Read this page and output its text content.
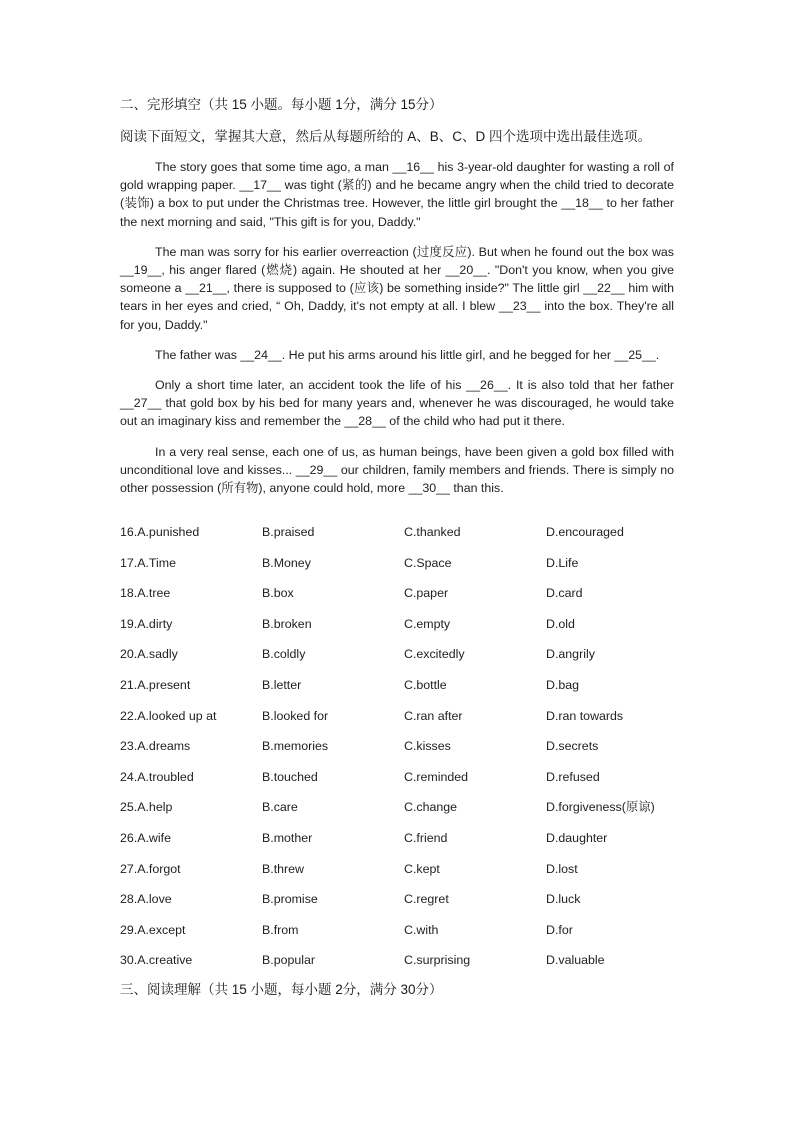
二、完形填空（共 15 小题。每小题 1分，满分 15分）
阅读下面短文，掌握其大意，然后从每题所给的 A、B、C、D 四个选项中选出最佳选项。

The story goes that some time ago, a man __16__ his 3-year-old daughter for wasting a roll of gold wrapping paper. __17__ was tight (紧的) and he became angry when the child tried to decorate (装饰) a box to put under the Christmas tree. However, the little girl brought the __18__ to her father the next morning and said, "This gift is for you, Daddy."

The man was sorry for his earlier overreaction (过度反应). But when he found out the box was __19__, his anger flared (燃烧) again. He shouted at her __20__. "Don't you know, when you give someone a __21__, there is supposed to (应该) be something inside?" The little girl __22__ him with tears in her eyes and cried, “ Oh, Daddy, it's not empty at all. I blew __23__ into the box. They're all for you, Daddy."

The father was __24__. He put his arms around his little girl, and he begged for her __25__.

Only a short time later, an accident took the life of his __26__. It is also told that her father __27__ that gold box by his bed for many years and, whenever he was discouraged, he would take out an imaginary kiss and remember the __28__ of the child who had put it there.

In a very real sense, each one of us, as human beings, have been given a gold box filled with unconditional love and kisses... __29__ our children, family members and friends. There is simply no other possession (所有物), anyone could hold, more __30__ than this.

16.A.punished	B.praised	C.thanked	D.encouraged
17.A.Time	B.Money	C.Space	D.Life
18.A.tree	B.box	C.paper	D.card
19.A.dirty	B.broken	C.empty	D.old
20.A.sadly	B.coldly	C.excitedly	D.angrily
21.A.present	B.letter	C.bottle	D.bag
22.A.looked up at	B.looked for	C.ran after	D.ran towards
23.A.dreams	B.memories	C.kisses	D.secrets
24.A.troubled	B.touched	C.reminded	D.refused
25.A.help	B.care	C.change	D.forgiveness(原谅)
26.A.wife	B.mother	C.friend	D.daughter
27.A.forgot	B.threw	C.kept	D.lost
28.A.love	B.promise	C.regret	D.luck
29.A.except	B.from	C.with	D.for
30.A.creative	B.popular	C.surprising	D.valuable
三、阅读理解（共 15 小题，每小题 2分，满分 30分）
